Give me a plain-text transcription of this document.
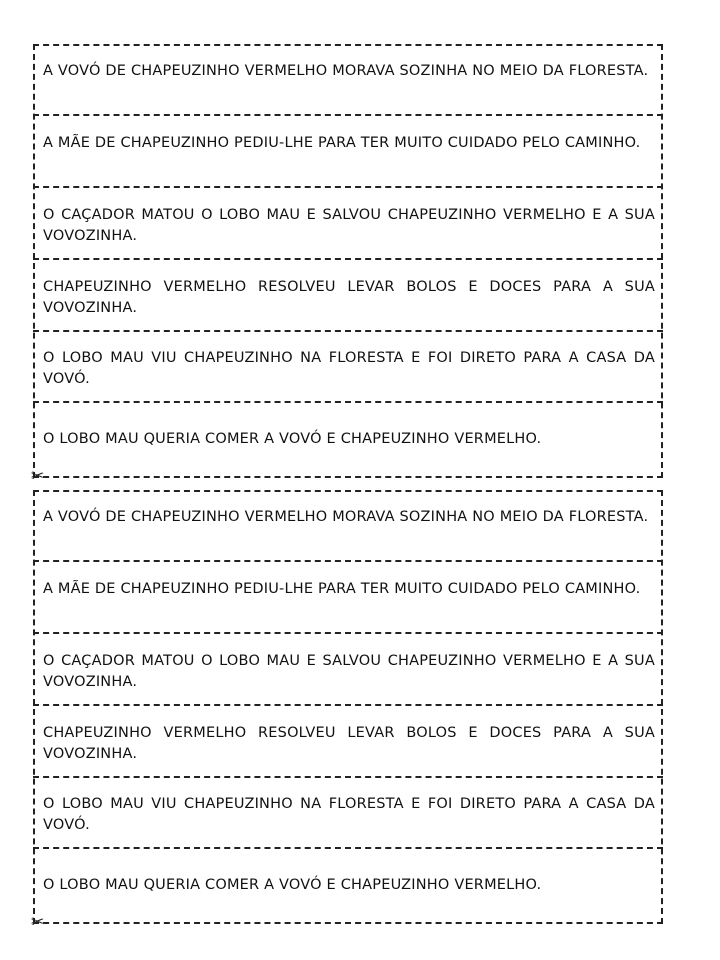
A VOVÓ DE CHAPEUZINHO VERMELHO MORAVA SOZINHA NO MEIO DA FLORESTA.
A MÃE DE CHAPEUZINHO PEDIU-LHE PARA TER MUITO CUIDADO PELO CAMINHO.
O CAÇADOR MATOU O LOBO MAU E SALVOU CHAPEUZINHO VERMELHO E A SUA VOVOZINHA.
CHAPEUZINHO VERMELHO RESOLVEU LEVAR BOLOS E DOCES PARA A SUA VOVOZINHA.
O LOBO MAU VIU CHAPEUZINHO NA FLORESTA E FOI DIRETO PARA A CASA DA VOVÓ.
O LOBO MAU QUERIA COMER A VOVÓ E CHAPEUZINHO VERMELHO.
✂
A VOVÓ DE CHAPEUZINHO VERMELHO MORAVA SOZINHA NO MEIO DA FLORESTA.
A MÃE DE CHAPEUZINHO PEDIU-LHE PARA TER MUITO CUIDADO PELO CAMINHO.
O CAÇADOR MATOU O LOBO MAU E SALVOU CHAPEUZINHO VERMELHO E A SUA VOVOZINHA.
CHAPEUZINHO VERMELHO RESOLVEU LEVAR BOLOS E DOCES PARA A SUA VOVOZINHA.
O LOBO MAU VIU CHAPEUZINHO NA FLORESTA E FOI DIRETO PARA A CASA DA VOVÓ.
O LOBO MAU QUERIA COMER A VOVÓ E CHAPEUZINHO VERMELHO.
✂
